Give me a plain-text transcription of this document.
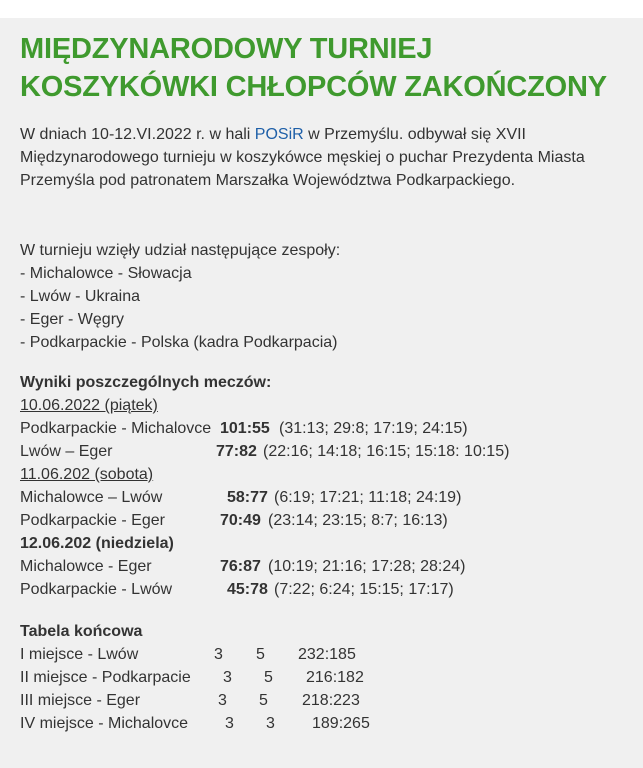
MIĘDZYNARODOWY TURNIEJ
KOSZYKÓWKI CHŁOPCÓW ZAKOŃCZONY
W dniach 10-12.VI.2022 r. w hali POSiR w Przemyślu. odbywał się XVII
Międzynarodowego turnieju w koszykówce męskiej o puchar Prezydenta Miasta
Przemyśla pod patronatem Marszałka Województwa Podkarpackiego.
W turnieju wzięły udział następujące zespoły:
- Michalowce - Słowacja
- Lwów - Ukraina
- Eger - Węgry
- Podkarpackie - Polska (kadra Podkarpacia)
Wyniki poszczególnych meczów:
10.06.2022 (piątek)
Podkarpackie - Michalovce 101:55 (31:13; 29:8; 17:19; 24:15)
Lwów – Eger	77:82 (22:16; 14:18; 16:15; 15:18: 10:15)
11.06.202 (sobota)
Michalowce – Lwów	58:77 (6:19; 17:21; 11:18; 24:19)
Podkarpackie - Eger	70:49 (23:14; 23:15; 8:7; 16:13)
12.06.202 (niedziela)
Michalowce - Eger	76:87 (10:19; 21:16; 17:28; 28:24)
Podkarpackie - Lwów	45:78 (7:22; 6:24; 15:15; 17:17)
Tabela końcowa
I miejsce - Lwów	3 5 232:185
II miejsce - Podkarpacie 3 5 216:182
III miejsce - Eger	3 5 218:223
IV miejsce - Michalovce 3 3 189:265
